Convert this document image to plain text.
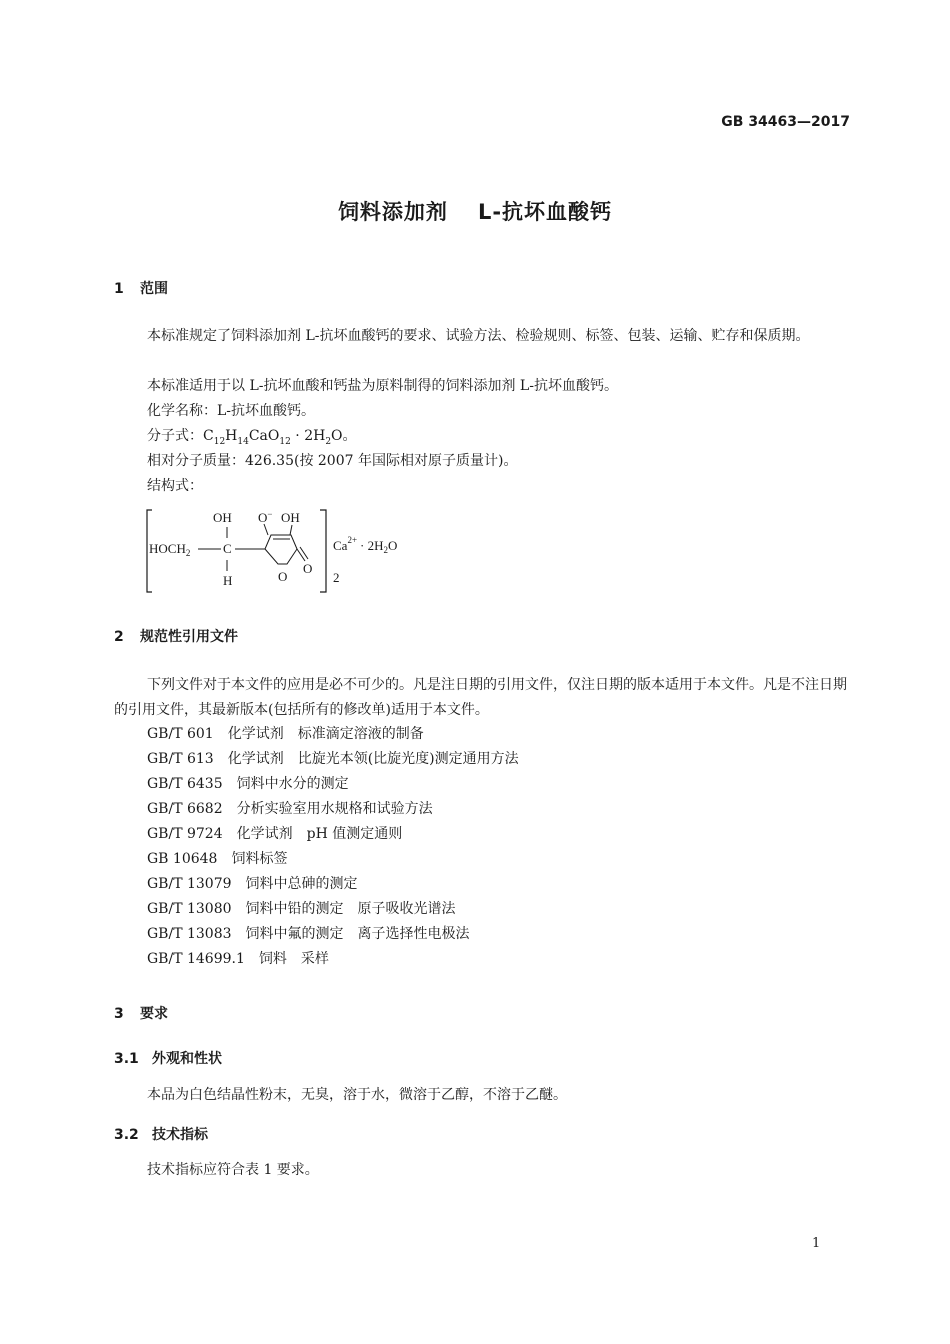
GB 34463—2017
饲料添加剂 L-抗坏血酸钙
1 范围
本标准规定了饲料添加剂 L-抗坏血酸钙的要求、试验方法、检验规则、标签、包装、运输、贮存和保质期。
本标准适用于以 L-抗坏血酸和钙盐为原料制得的饲料添加剂 L-抗坏血酸钙。
化学名称：L-抗坏血酸钙。
分子式：$C_{12}H_{14}CaO_{12} \cdot 2H_2O$。
相对分子质量：426.35(按 2007 年国际相对原子质量计)。
结构式：
OH O− OH
$HOCH_2$	C
H	O
O
$Ca^{2+} \cdot 2H_2O$
2
2 规范性引用文件
下列文件对于本文件的应用是必不可少的。凡是注日期的引用文件，仅注日期的版本适用于本文件。凡是不注日期的引用文件，其最新版本(包括所有的修改单)适用于本文件。
GB/T 601 化学试剂　标准滴定溶液的制备
GB/T 613 化学试剂　比旋光本领(比旋光度)测定通用方法
GB/T 6435 饲料中水分的测定
GB/T 6682 分析实验室用水规格和试验方法
GB/T 9724 化学试剂　pH 值测定通则
GB 10648 饲料标签
GB/T 13079 饲料中总砷的测定
GB/T 13080 饲料中铅的测定　原子吸收光谱法
GB/T 13083 饲料中氟的测定　离子选择性电极法
GB/T 14699.1 饲料　采样
3 要求
3.1 外观和性状
本品为白色结晶性粉末，无臭，溶于水，微溶于乙醇，不溶于乙醚。
3.2 技术指标
技术指标应符合表 1 要求。
1
